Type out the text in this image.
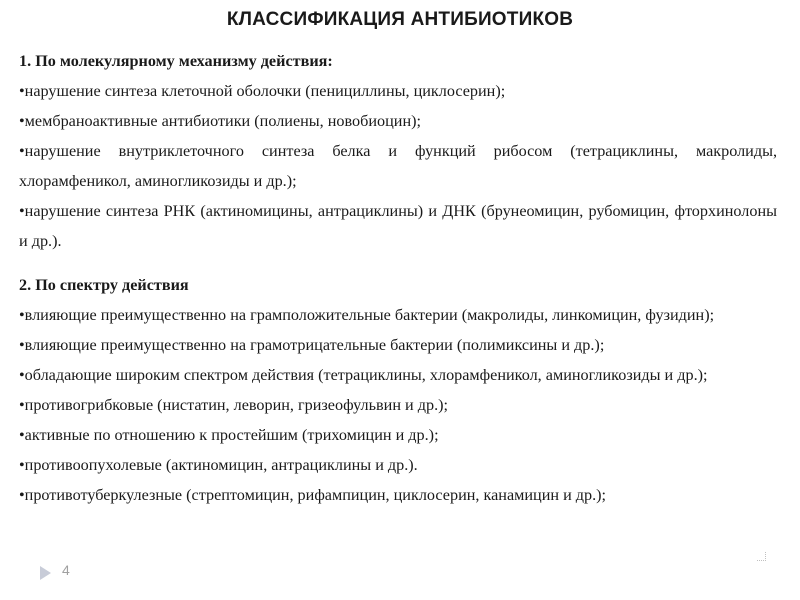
КЛАССИФИКАЦИЯ АНТИБИОТИКОВ

1. По молекулярному механизму действия:

•нарушение синтеза клеточной оболочки (пенициллины, циклосерин);

•мембраноактивные антибиотики (полиены, новобиоцин);

•нарушение внутриклеточного синтеза белка и функций рибосом (тетрациклины, макролиды, хлорамфеникол, аминогликозиды и др.);

•нарушение синтеза РНК (актиномицины, антрациклины) и ДНК (брунеомицин, рубомицин, фторхинолоны и др.).

2. По спектру действия

•влияющие преимущественно на грамположительные бактерии (макролиды, линкомицин, фузидин);

•влияющие преимущественно на грамотрицательные бактерии (полимиксины и др.);

•обладающие широким спектром действия (тетрациклины, хлорамфеникол, аминогликозиды и др.);

•противогрибковые (нистатин, леворин, гризеофульвин и др.);

•активные по отношению к простейшим (трихомицин и др.);

•противоопухолевые (актиномицин, антрациклины и др.).

•противотуберкулезные (стрептомицин, рифампицин, циклосерин, канамицин и др.);

4
